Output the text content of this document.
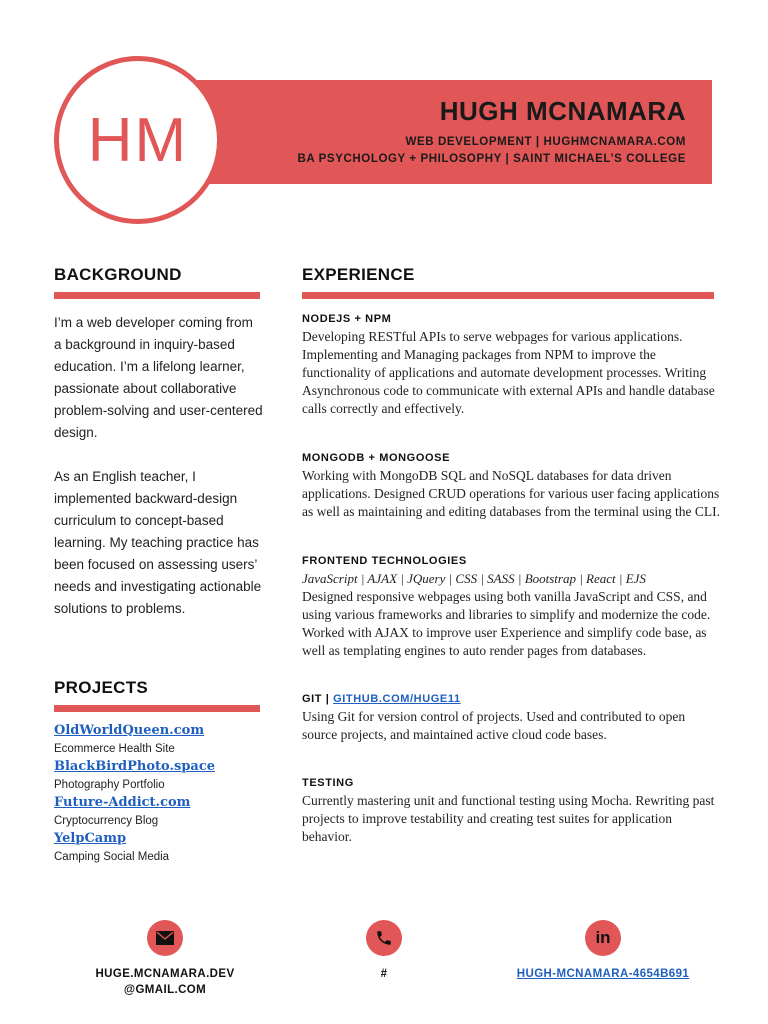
HM	HUGH MCNAMARA
WEB DEVELOPMENT | HUGHMCNAMARA.COM
BA PSYCHOLOGY + PHILOSOPHY | SAINT MICHAEL’S COLLEGE
BACKGROUND
I’m a web developer coming from a background in inquiry-based education. I’m a lifelong learner, passionate about collaborative problem-solving and user-centered design.
As an English teacher, I implemented backward-design curriculum to concept-based learning. My teaching practice has been focused on assessing users’ needs and investigating actionable solutions to problems.
PROJECTS
OldWorldQueen.com
Ecommerce Health Site
BlackBirdPhoto.space
Photography Portfolio
Future-Addict.com
Cryptocurrency Blog
YelpCamp
Camping Social Media
EXPERIENCE
NODEJS + NPM
Developing RESTful APIs to serve webpages for various applications. Implementing and Managing packages from NPM to improve the functionality of applications and automate development processes. Writing Asynchronous code to communicate with external APIs and handle database calls correctly and effectively.
MONGODB + MONGOOSE
Working with MongoDB SQL and NoSQL databases for data driven applications. Designed CRUD operations for various user facing applications as well as maintaining and editing databases from the terminal using the CLI.
FRONTEND TECHNOLOGIES
JavaScript | AJAX | JQuery | CSS | SASS | Bootstrap | React | EJS
Designed responsive webpages using both vanilla JavaScript and CSS, and using various frameworks and libraries to simplify and modernize the code. Worked with AJAX to improve user Experience and simplify code base, as well as templating engines to auto render pages from databases.
GIT | GITHUB.COM/HUGE11
Using Git for version control of projects. Used and contributed to open source projects, and maintained active cloud code bases.
TESTING
Currently mastering unit and functional testing using Mocha. Rewriting past projects to improve testability and creating test suites for application behavior.
HUGE.MCNAMARA.DEV
@GMAIL.COM
#
in
HUGH-MCNAMARA-4654B691
